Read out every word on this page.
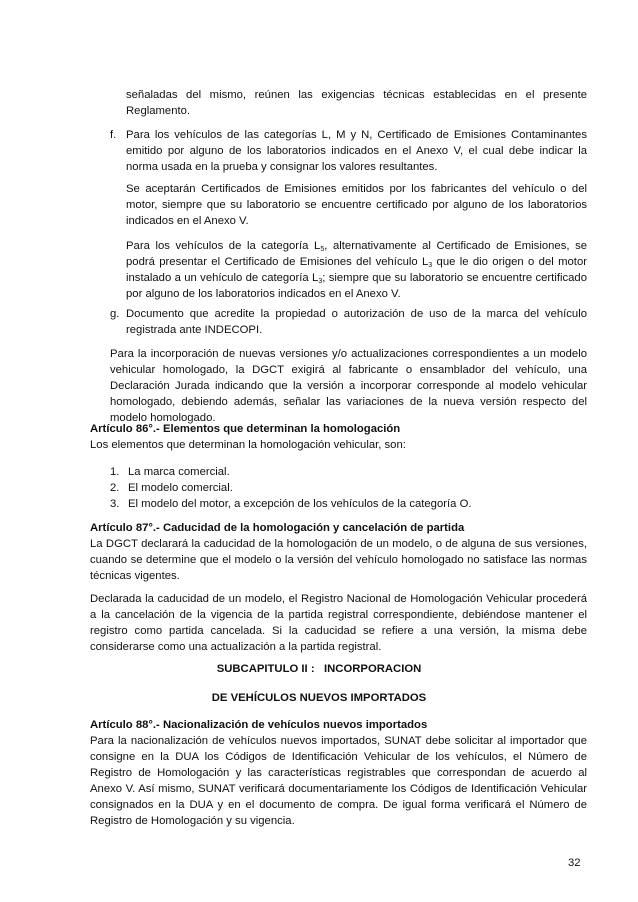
señaladas del mismo, reúnen las exigencias técnicas establecidas en el presente Reglamento.

f. Para los vehículos de las categorías L, M y N, Certificado de Emisiones Contaminantes emitido por alguno de los laboratorios indicados en el Anexo V, el cual debe indicar la norma usada en la prueba y consignar los valores resultantes.

Se aceptarán Certificados de Emisiones emitidos por los fabricantes del vehículo o del motor, siempre que su laboratorio se encuentre certificado por alguno de los laboratorios indicados en el Anexo V.

Para los vehículos de la categoría $L_5$, alternativamente al Certificado de Emisiones, se podrá presentar el Certificado de Emisiones del vehículo $L_3$ que le dio origen o del motor instalado a un vehículo de categoría $L_3$; siempre que su laboratorio se encuentre certificado por alguno de los laboratorios indicados en el Anexo V.

g. Documento que acredite la propiedad o autorización de uso de la marca del vehículo registrada ante INDECOPI.

Para la incorporación de nuevas versiones y/o actualizaciones correspondientes a un modelo vehicular homologado, la DGCT exigirá al fabricante o ensamblador del vehículo, una Declaración Jurada indicando que la versión a incorporar corresponde al modelo vehicular homologado, debiendo además, señalar las variaciones de la nueva versión respecto del modelo homologado.

Artículo 86°.- Elementos que determinan la homologación

Los elementos que determinan la homologación vehicular, son:

1. La marca comercial.
2. El modelo comercial.
3. El modelo del motor, a excepción de los vehículos de la categoría O.

Artículo 87°.- Caducidad de la homologación y cancelación de partida

La DGCT declarará la caducidad de la homologación de un modelo, o de alguna de sus versiones, cuando se determine que el modelo o la versión del vehículo homologado no satisface las normas técnicas vigentes.

Declarada la caducidad de un modelo, el Registro Nacional de Homologación Vehicular procederá a la cancelación de la vigencia de la partida registral correspondiente, debiéndose mantener el registro como partida cancelada. Si la caducidad se refiere a una versión, la misma debe considerarse como una actualización a la partida registral.

SUBCAPITULO II :   INCORPORACION

DE VEHÍCULOS NUEVOS IMPORTADOS

Artículo 88°.- Nacionalización de vehículos nuevos importados

Para la nacionalización de vehículos nuevos importados, SUNAT debe solicitar al importador que consigne en la DUA los Códigos de Identificación Vehicular de los vehículos, el Número de Registro de Homologación y las características registrables que correspondan de acuerdo al Anexo V. Así mismo, SUNAT verificará documentariamente los Códigos de Identificación Vehicular consignados en la DUA y en el documento de compra. De igual forma verificará el Número de Registro de Homologación y su vigencia.

32
